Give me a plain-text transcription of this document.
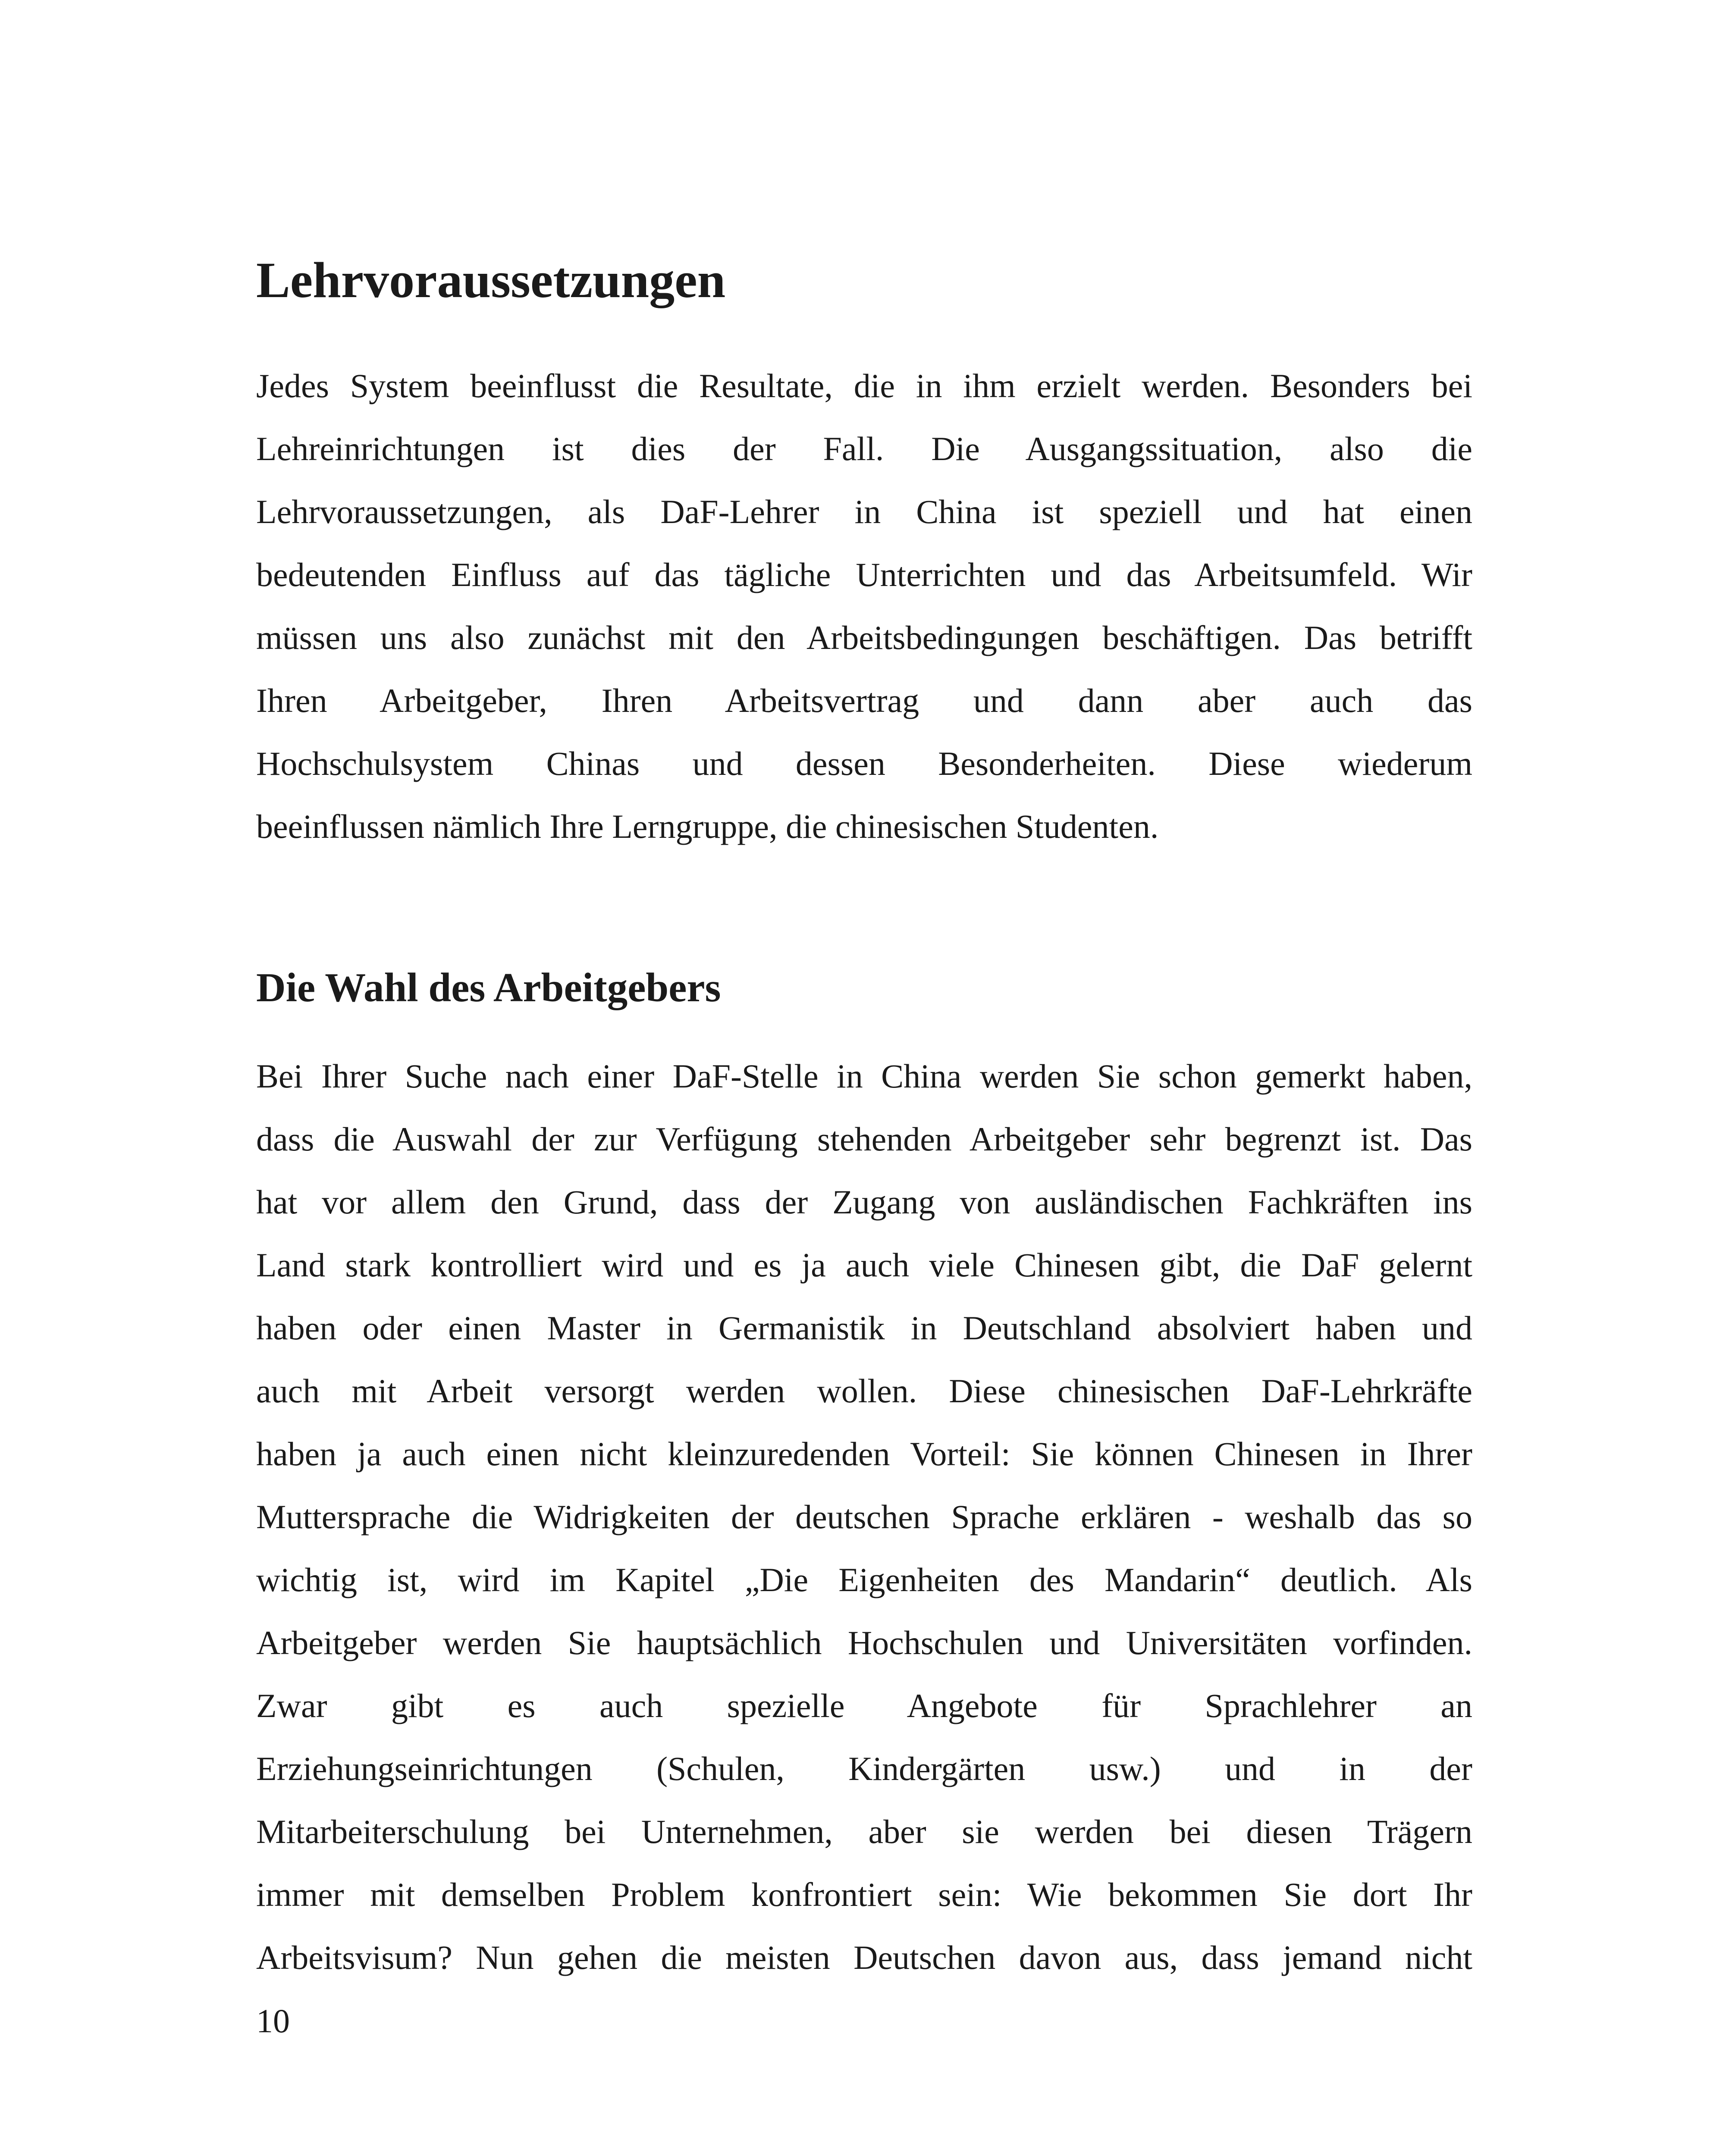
Lehrvoraussetzungen

Jedes System beeinflusst die Resultate, die in ihm erzielt werden. Besonders bei
Lehreinrichtungen ist dies der Fall. Die Ausgangssituation, also die
Lehrvoraussetzungen, als DaF-Lehrer in China ist speziell und hat einen
bedeutenden Einfluss auf das tägliche Unterrichten und das Arbeitsumfeld. Wir
müssen uns also zunächst mit den Arbeitsbedingungen beschäftigen. Das betrifft
Ihren Arbeitgeber, Ihren Arbeitsvertrag und dann aber auch das
Hochschulsystem Chinas und dessen Besonderheiten. Diese wiederum
beeinflussen nämlich Ihre Lerngruppe, die chinesischen Studenten.

Die Wahl des Arbeitgebers

Bei Ihrer Suche nach einer DaF-Stelle in China werden Sie schon gemerkt haben,
dass die Auswahl der zur Verfügung stehenden Arbeitgeber sehr begrenzt ist. Das
hat vor allem den Grund, dass der Zugang von ausländischen Fachkräften ins
Land stark kontrolliert wird und es ja auch viele Chinesen gibt, die DaF gelernt
haben oder einen Master in Germanistik in Deutschland absolviert haben und
auch mit Arbeit versorgt werden wollen. Diese chinesischen DaF-Lehrkräfte
haben ja auch einen nicht kleinzuredenden Vorteil: Sie können Chinesen in Ihrer
Muttersprache die Widrigkeiten der deutschen Sprache erklären - weshalb das so
wichtig ist, wird im Kapitel „Die Eigenheiten des Mandarin“ deutlich. Als
Arbeitgeber werden Sie hauptsächlich Hochschulen und Universitäten vorfinden.
Zwar gibt es auch spezielle Angebote für Sprachlehrer an
Erziehungseinrichtungen (Schulen, Kindergärten usw.) und in der
Mitarbeiterschulung bei Unternehmen, aber sie werden bei diesen Trägern
immer mit demselben Problem konfrontiert sein: Wie bekommen Sie dort Ihr
Arbeitsvisum? Nun gehen die meisten Deutschen davon aus, dass jemand nicht

10
